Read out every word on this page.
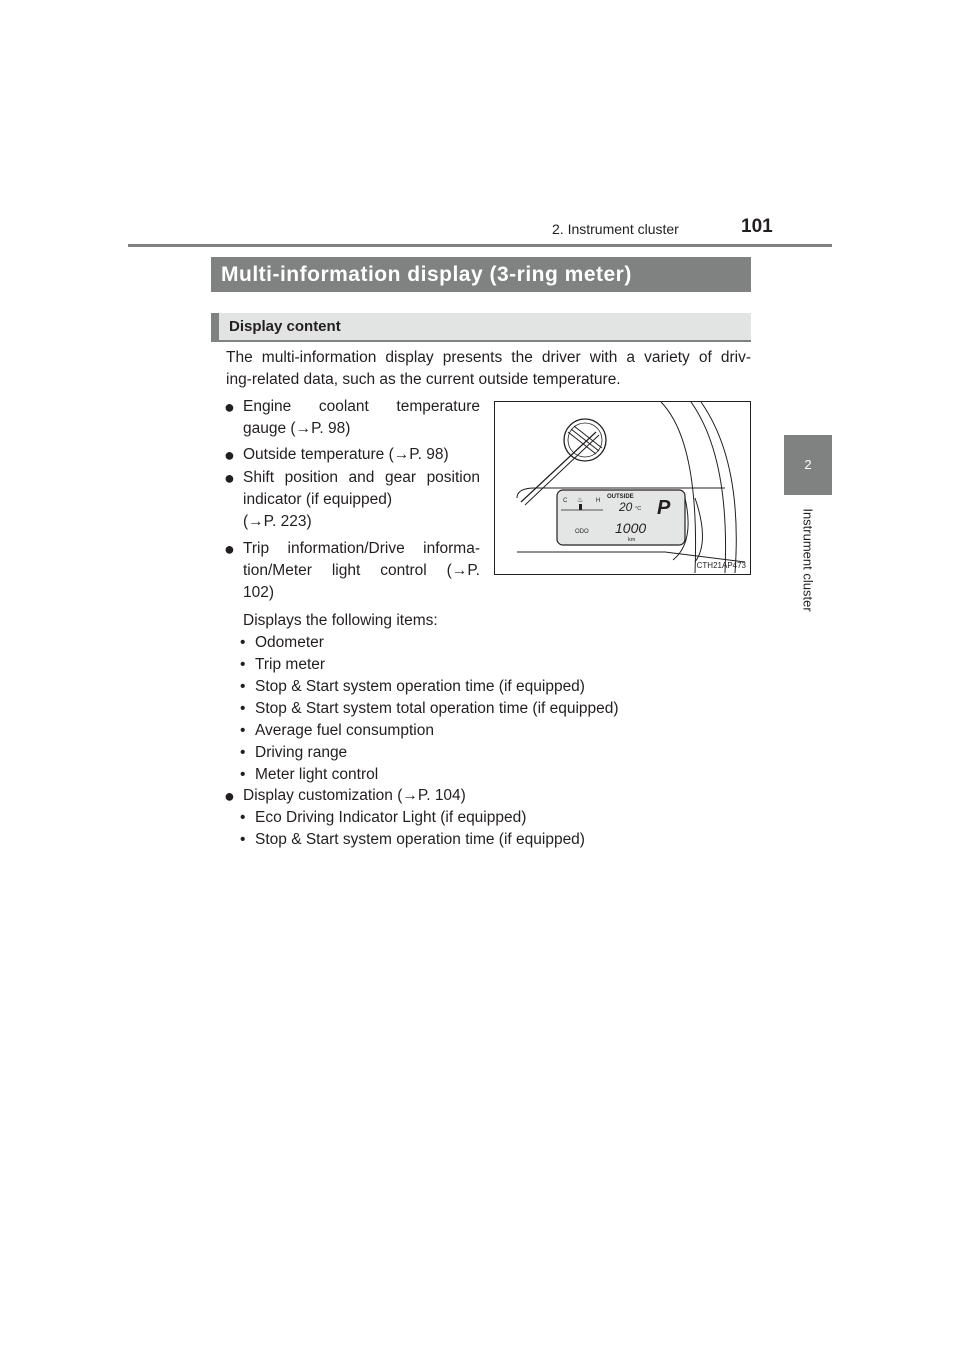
2. Instrument cluster	101
2
Instrument cluster
Multi-information display (3-ring meter)
Display content
The multi-information display presents the driver with a variety of driv-
ing-related data, such as the current outside temperature.
● Engine coolant temperature
gauge (→P. 98)
● Outside temperature (→P. 98)
● Shift position and gear position
indicator (if equipped)
(→P. 223)
● Trip information/Drive informa-
tion/Meter light control (→P.
102)
Displays the following items:
• Odometer
• Trip meter
• Stop & Start system operation time (if equipped)
• Stop & Start system total operation time (if equipped)
• Average fuel consumption
• Driving range
• Meter light control
● Display customization (→P. 104)
• Eco Driving Indicator Light (if equipped)
• Stop & Start system operation time (if equipped)
C	H
♨	OUTSIDE
20 °C P
ODO 1000
km
CTH21AP473
